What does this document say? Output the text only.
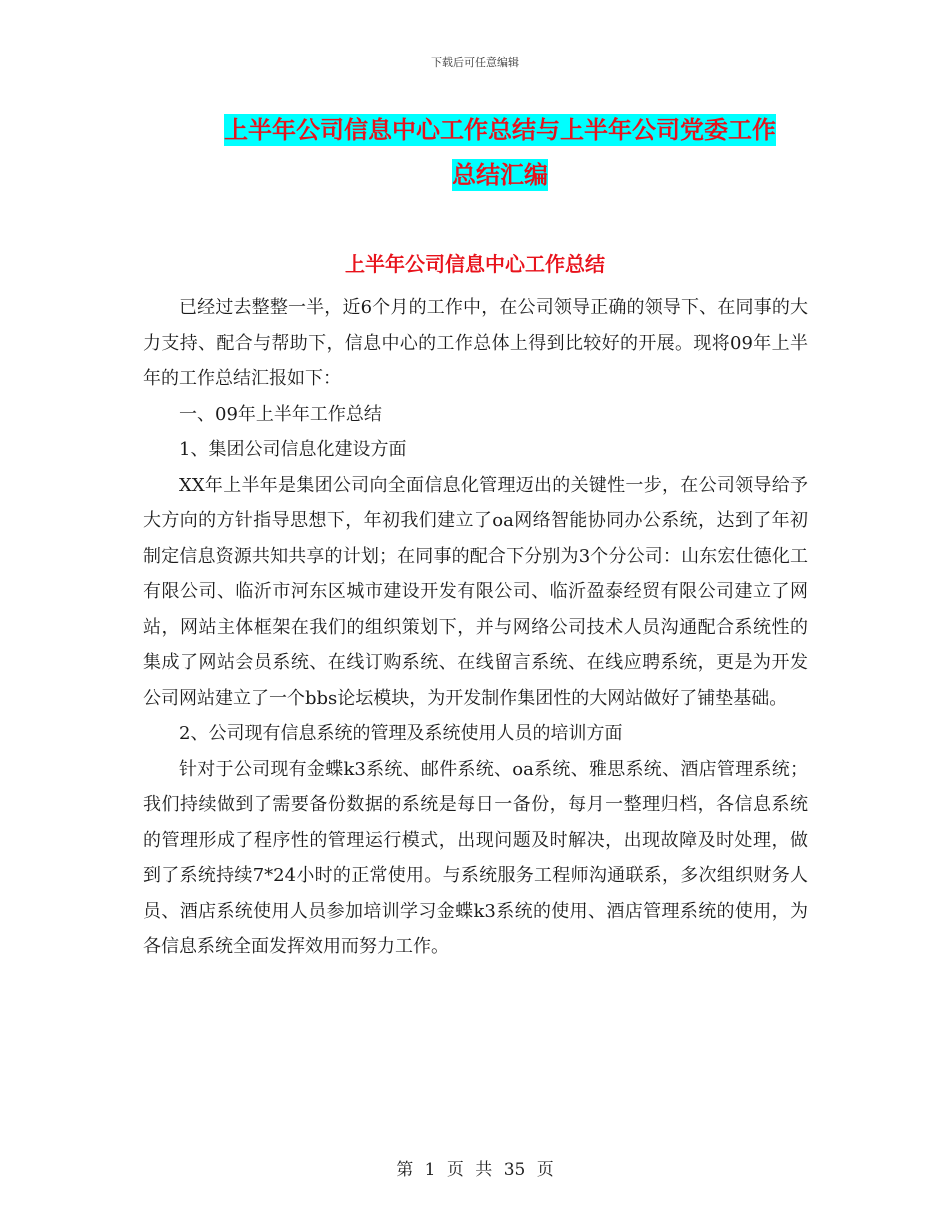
下载后可任意编辑
上半年公司信息中心工作总结与上半年公司党委工作
总结汇编
上半年公司信息中心工作总结

已经过去整整一半，近6个月的工作中，在公司领导正确的领导下、在同事的大力支持、配合与帮助下，信息中心的工作总体上得到比较好的开展。现将09年上半年的工作总结汇报如下：

一、09年上半年工作总结

1、集团公司信息化建设方面

XX年上半年是集团公司向全面信息化管理迈出的关键性一步，在公司领导给予大方向的方针指导思想下，年初我们建立了oa网络智能协同办公系统，达到了年初制定信息资源共知共享的计划；在同事的配合下分别为3个分公司：山东宏仕德化工有限公司、临沂市河东区城市建设开发有限公司、临沂盈泰经贸有限公司建立了网站，网站主体框架在我们的组织策划下，并与网络公司技术人员沟通配合系统性的集成了网站会员系统、在线订购系统、在线留言系统、在线应聘系统，更是为开发公司网站建立了一个bbs论坛模块，为开发制作集团性的大网站做好了铺垫基础。

2、公司现有信息系统的管理及系统使用人员的培训方面

针对于公司现有金蝶k3系统、邮件系统、oa系统、雅思系统、酒店管理系统；我们持续做到了需要备份数据的系统是每日一备份，每月一整理归档，各信息系统的管理形成了程序性的管理运行模式，出现问题及时解决，出现故障及时处理，做到了系统持续7*24小时的正常使用。与系统服务工程师沟通联系，多次组织财务人员、酒店系统使用人员参加培训学习金蝶k3系统的使用、酒店管理系统的使用，为各信息系统全面发挥效用而努力工作。

第 1 页 共 35 页
